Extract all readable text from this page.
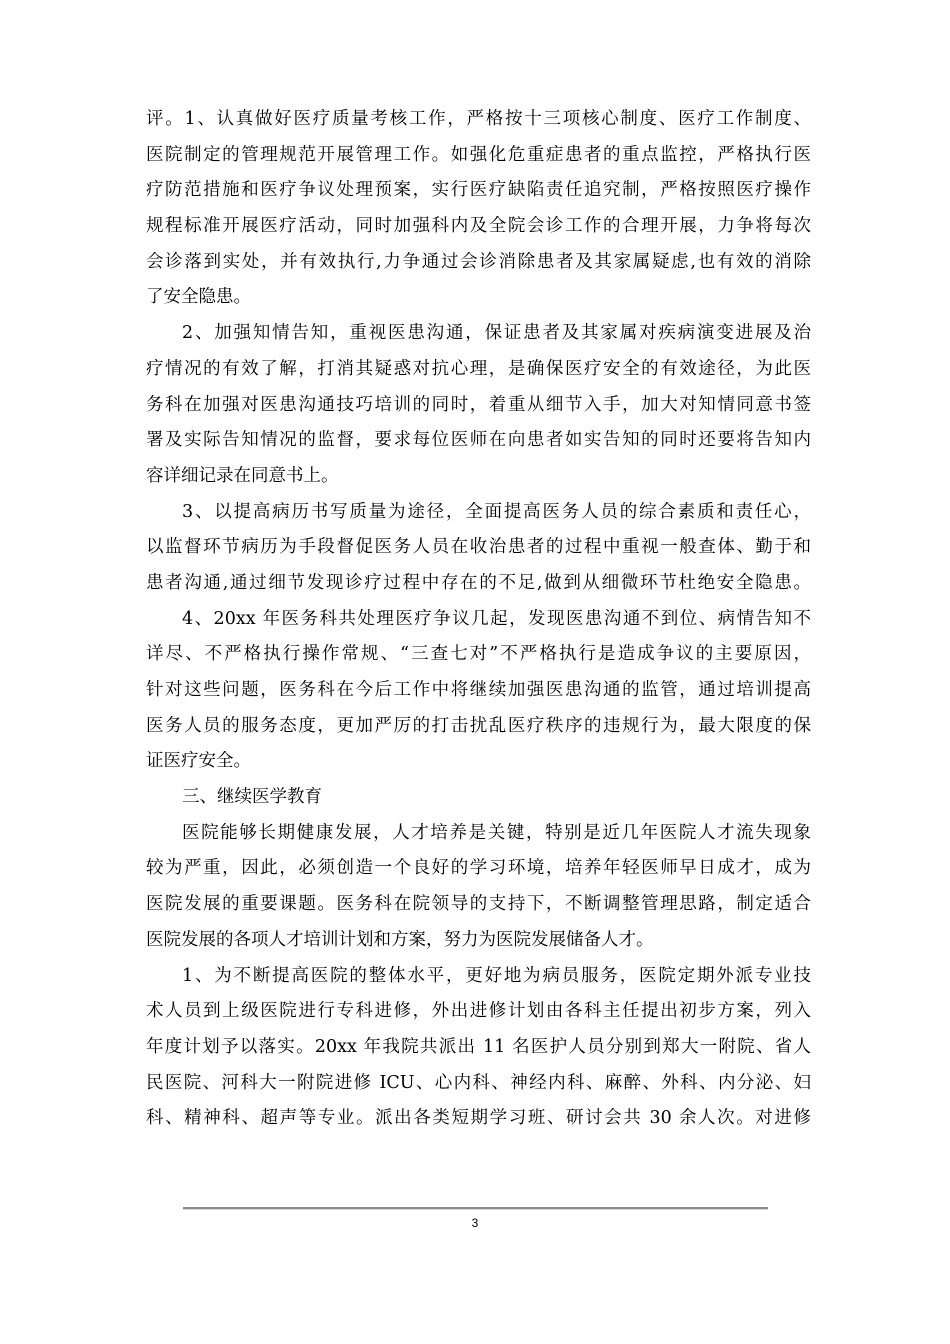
评。1、认真做好医疗质量考核工作，严格按十三项核心制度、医疗工作制度、
医院制定的管理规范开展管理工作。如强化危重症患者的重点监控，严格执行医
疗防范措施和医疗争议处理预案，实行医疗缺陷责任追究制，严格按照医疗操作
规程标准开展医疗活动，同时加强科内及全院会诊工作的合理开展，力争将每次
会诊落到实处，并有效执行,力争通过会诊消除患者及其家属疑虑,也有效的消除
了安全隐患。
2、加强知情告知，重视医患沟通，保证患者及其家属对疾病演变进展及治
疗情况的有效了解，打消其疑惑对抗心理，是确保医疗安全的有效途径，为此医
务科在加强对医患沟通技巧培训的同时，着重从细节入手，加大对知情同意书签
署及实际告知情况的监督，要求每位医师在向患者如实告知的同时还要将告知内
容详细记录在同意书上。
3、以提高病历书写质量为途径，全面提高医务人员的综合素质和责任心，
以监督环节病历为手段督促医务人员在收治患者的过程中重视一般查体、勤于和
患者沟通,通过细节发现诊疗过程中存在的不足,做到从细微环节杜绝安全隐患。
4、20xx 年医务科共处理医疗争议几起，发现医患沟通不到位、病情告知不
详尽、不严格执行操作常规、“三查七对”不严格执行是造成争议的主要原因，
针对这些问题，医务科在今后工作中将继续加强医患沟通的监管，通过培训提高
医务人员的服务态度，更加严厉的打击扰乱医疗秩序的违规行为，最大限度的保
证医疗安全。
三、继续医学教育
医院能够长期健康发展，人才培养是关键，特别是近几年医院人才流失现象
较为严重，因此，必须创造一个良好的学习环境，培养年轻医师早日成才，成为
医院发展的重要课题。医务科在院领导的支持下，不断调整管理思路，制定适合
医院发展的各项人才培训计划和方案，努力为医院发展储备人才。
1、为不断提高医院的整体水平，更好地为病员服务，医院定期外派专业技
术人员到上级医院进行专科进修，外出进修计划由各科主任提出初步方案，列入
年度计划予以落实。20xx 年我院共派出 11 名医护人员分别到郑大一附院、省人
民医院、河科大一附院进修 ICU、心内科、神经内科、麻醉、外科、内分泌、妇
科、精神科、超声等专业。派出各类短期学习班、研讨会共 30 余人次。对进修
3
